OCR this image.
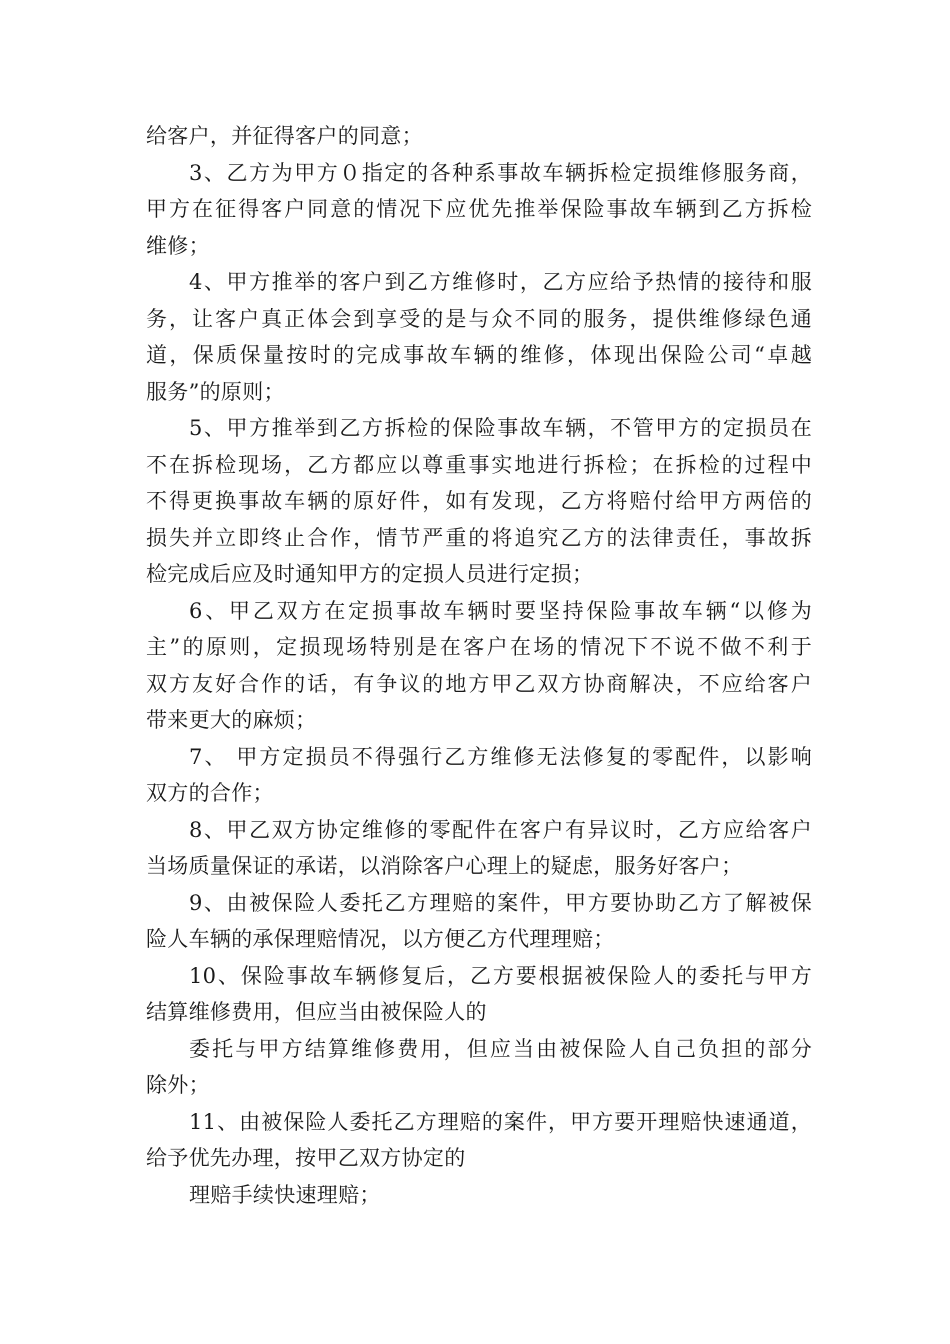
给客户，并征得客户的同意；
3、乙方为甲方０指定的各种系事故车辆拆检定损维修服务商，
甲方在征得客户同意的情况下应优先推举保险事故车辆到乙方拆检
维修；
4、甲方推举的客户到乙方维修时，乙方应给予热情的接待和服
务，让客户真正体会到享受的是与众不同的服务，提供维修绿色通
道，保质保量按时的完成事故车辆的维修，体现出保险公司“卓越
服务”的原则；
5、甲方推举到乙方拆检的保险事故车辆，不管甲方的定损员在
不在拆检现场，乙方都应以尊重事实地进行拆检；在拆检的过程中
不得更换事故车辆的原好件，如有发现，乙方将赔付给甲方两倍的
损失并立即终止合作，情节严重的将追究乙方的法律责任，事故拆
检完成后应及时通知甲方的定损人员进行定损；
6、甲乙双方在定损事故车辆时要坚持保险事故车辆“以修为
主”的原则，定损现场特别是在客户在场的情况下不说不做不利于
双方友好合作的话，有争议的地方甲乙双方协商解决，不应给客户
带来更大的麻烦；
7、 甲方定损员不得强行乙方维修无法修复的零配件，以影响
双方的合作；
8、甲乙双方协定维修的零配件在客户有异议时，乙方应给客户
当场质量保证的承诺，以消除客户心理上的疑虑，服务好客户；
9、由被保险人委托乙方理赔的案件，甲方要协助乙方了解被保
险人车辆的承保理赔情况，以方便乙方代理理赔；
10、保险事故车辆修复后，乙方要根据被保险人的委托与甲方
结算维修费用，但应当由被保险人的
委托与甲方结算维修费用，但应当由被保险人自己负担的部分
除外；
11、由被保险人委托乙方理赔的案件，甲方要开理赔快速通道，
给予优先办理，按甲乙双方协定的
理赔手续快速理赔；
